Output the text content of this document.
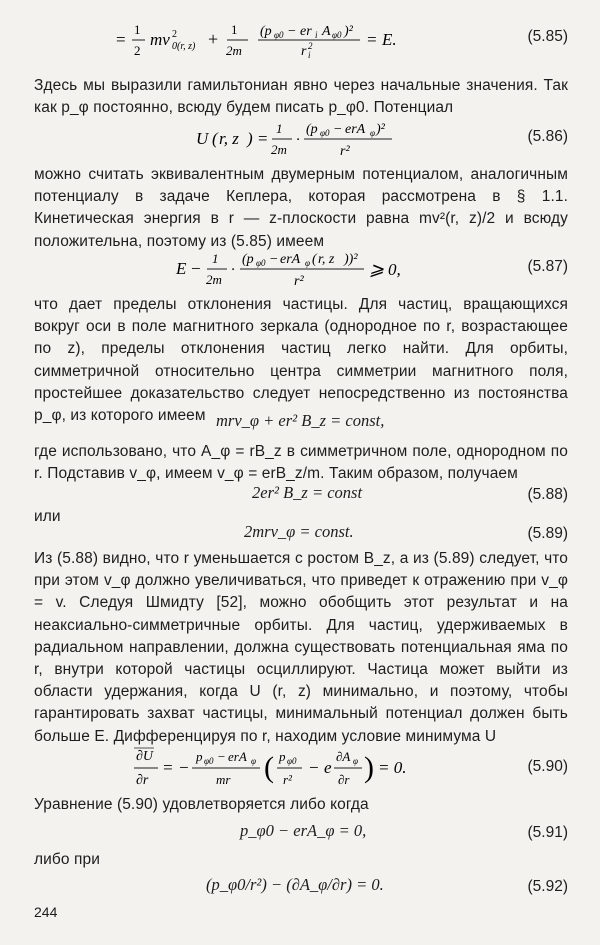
=
1
2
mv 2
0(r, z) + 1
2m
(p φ0 − er i A φ0 )²
r 2
i
= E.	(5.85)
Здесь мы выразили гамильтониан явно через начальные значения. Так как p_φ постоянно, всюду будем писать p_φ0. Потенциал
U ( r, z ) =
1
2m
·
(p φ0 − erA φ )²
r²
(5.86)
можно считать эквивалентным двумерным потенциалом, аналогичным потенциалу в задаче Кеплера, которая рассмотрена в § 1.1. Кинетическая энергия в r — z-плоскости равна mv²(r, z)/2 и всюду положительна, поэтому из (5.85) имеем
E −
1
2m
·
(p φ0 − erA φ ( r, z ))²
r²
⩾ 0,	(5.87)
что дает пределы отклонения частицы. Для частиц, вращающихся вокруг оси в поле магнитного зеркала (однородное по r, возрастающее по z), пределы отклонения частиц легко найти. Для орбиты, симметричной относительно центра симметрии магнитного поля, простейшее доказательство следует непосредственно из постоянства p_φ, из которого имеем mrv_φ + er² B_z = const,
где использовано, что A_φ = rB_z в симметричном поле, однородном по r. Подставив v_φ, имеем v_φ = erB_z/m. Таким образом, получаем
2er² B_z = const	(5.88)
или
2mrv_φ = const.	(5.89)
Из (5.88) видно, что r уменьшается с ростом B_z, а из (5.89) следует, что при этом v_φ должно увеличиваться, что приведет к отражению при v_φ = v. Следуя Шмидту [52], можно обобщить этот результат и на неаксиально-симметричные орбиты. Для частиц, удерживаемых в радиальном направлении, должна существовать потенциальная яма по r, внутри которой частицы осциллируют. Частица может выйти из области удержания, когда U (r, z) минимально, и поэтому, чтобы гарантировать захват частицы, минимальный потенциал должен быть больше E. Дифференцируя по r, находим условие минимума U
∂U
∂r
= −
p φ0 − erA φ
mr ( p φ0
r²
− e
∂A φ
∂r ) = 0.	(5.90)
Уравнение (5.90) удовлетворяется либо когда
p_φ0 − erA_φ = 0,	(5.91)
либо при
(p_φ0/r²) − (∂A_φ/∂r) = 0.	(5.92)
244
